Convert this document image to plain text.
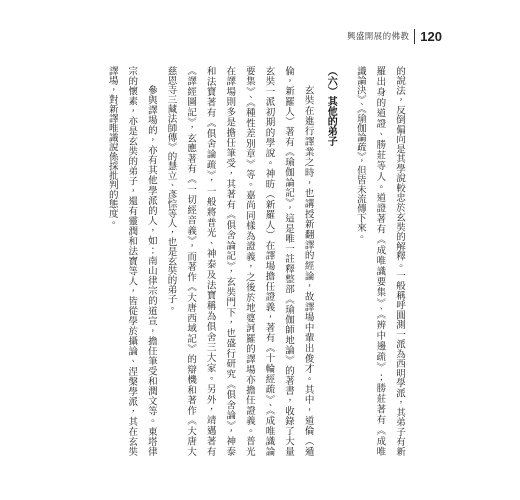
興盛開展的佛教 120
的說法，反倒偏向是其學說較忠於玄奘的解釋。一般稱呼圓測一派為西明學派，其弟子有新
羅出身的道證、勝莊等人。道證著有《成唯識要集》、《辨中邊疏》；勝莊著有《成唯
識論決》、《瑜伽論疏》，但皆未流傳下來。
（六）其他的弟子
玄奘在進行譯業之時，也講授新翻譯的經論，故譯場中輩出俊才。其中，道倫（遁
倫，新羅人）著有《瑜伽論記》，這是唯一註釋整部《瑜伽師地論》的著書，收錄了大量
玄奘一派初期的學說。神昉（新羅人）在譯場擔任證義，著有《十輪經疏》、《成唯識論
要集》、《種性差別章》等。嘉尚同樣為證義，之後於地婆訶羅的譯場亦擔任證義。普光
在譯場則多是擔任筆受，其著有《俱舍論記》，玄奘門下，也盛行研究《俱舍論》，神泰
和法寶著有《俱舍論疏》，一般將普光、神泰及法寶稱為俱舍三大家。另外，靖邁著有
《譯經圖記》，玄應著有《一切經音義》，而著作《大唐西域記》的辯機和著作《大唐大
慈恩寺三藏法師傳》的慧立、彥悰等人，也是玄奘的弟子。
參與譯場的，亦有其他學派的人，如：南山律宗的道宣，擔任筆受和潤文等。東塔律
宗的懷素，亦是玄奘的弟子，還有靈潤和法寶等人，皆從學於攝論、涅槃學派，其在玄奘
譯場，對新譯唯識說係採批判的態度。
